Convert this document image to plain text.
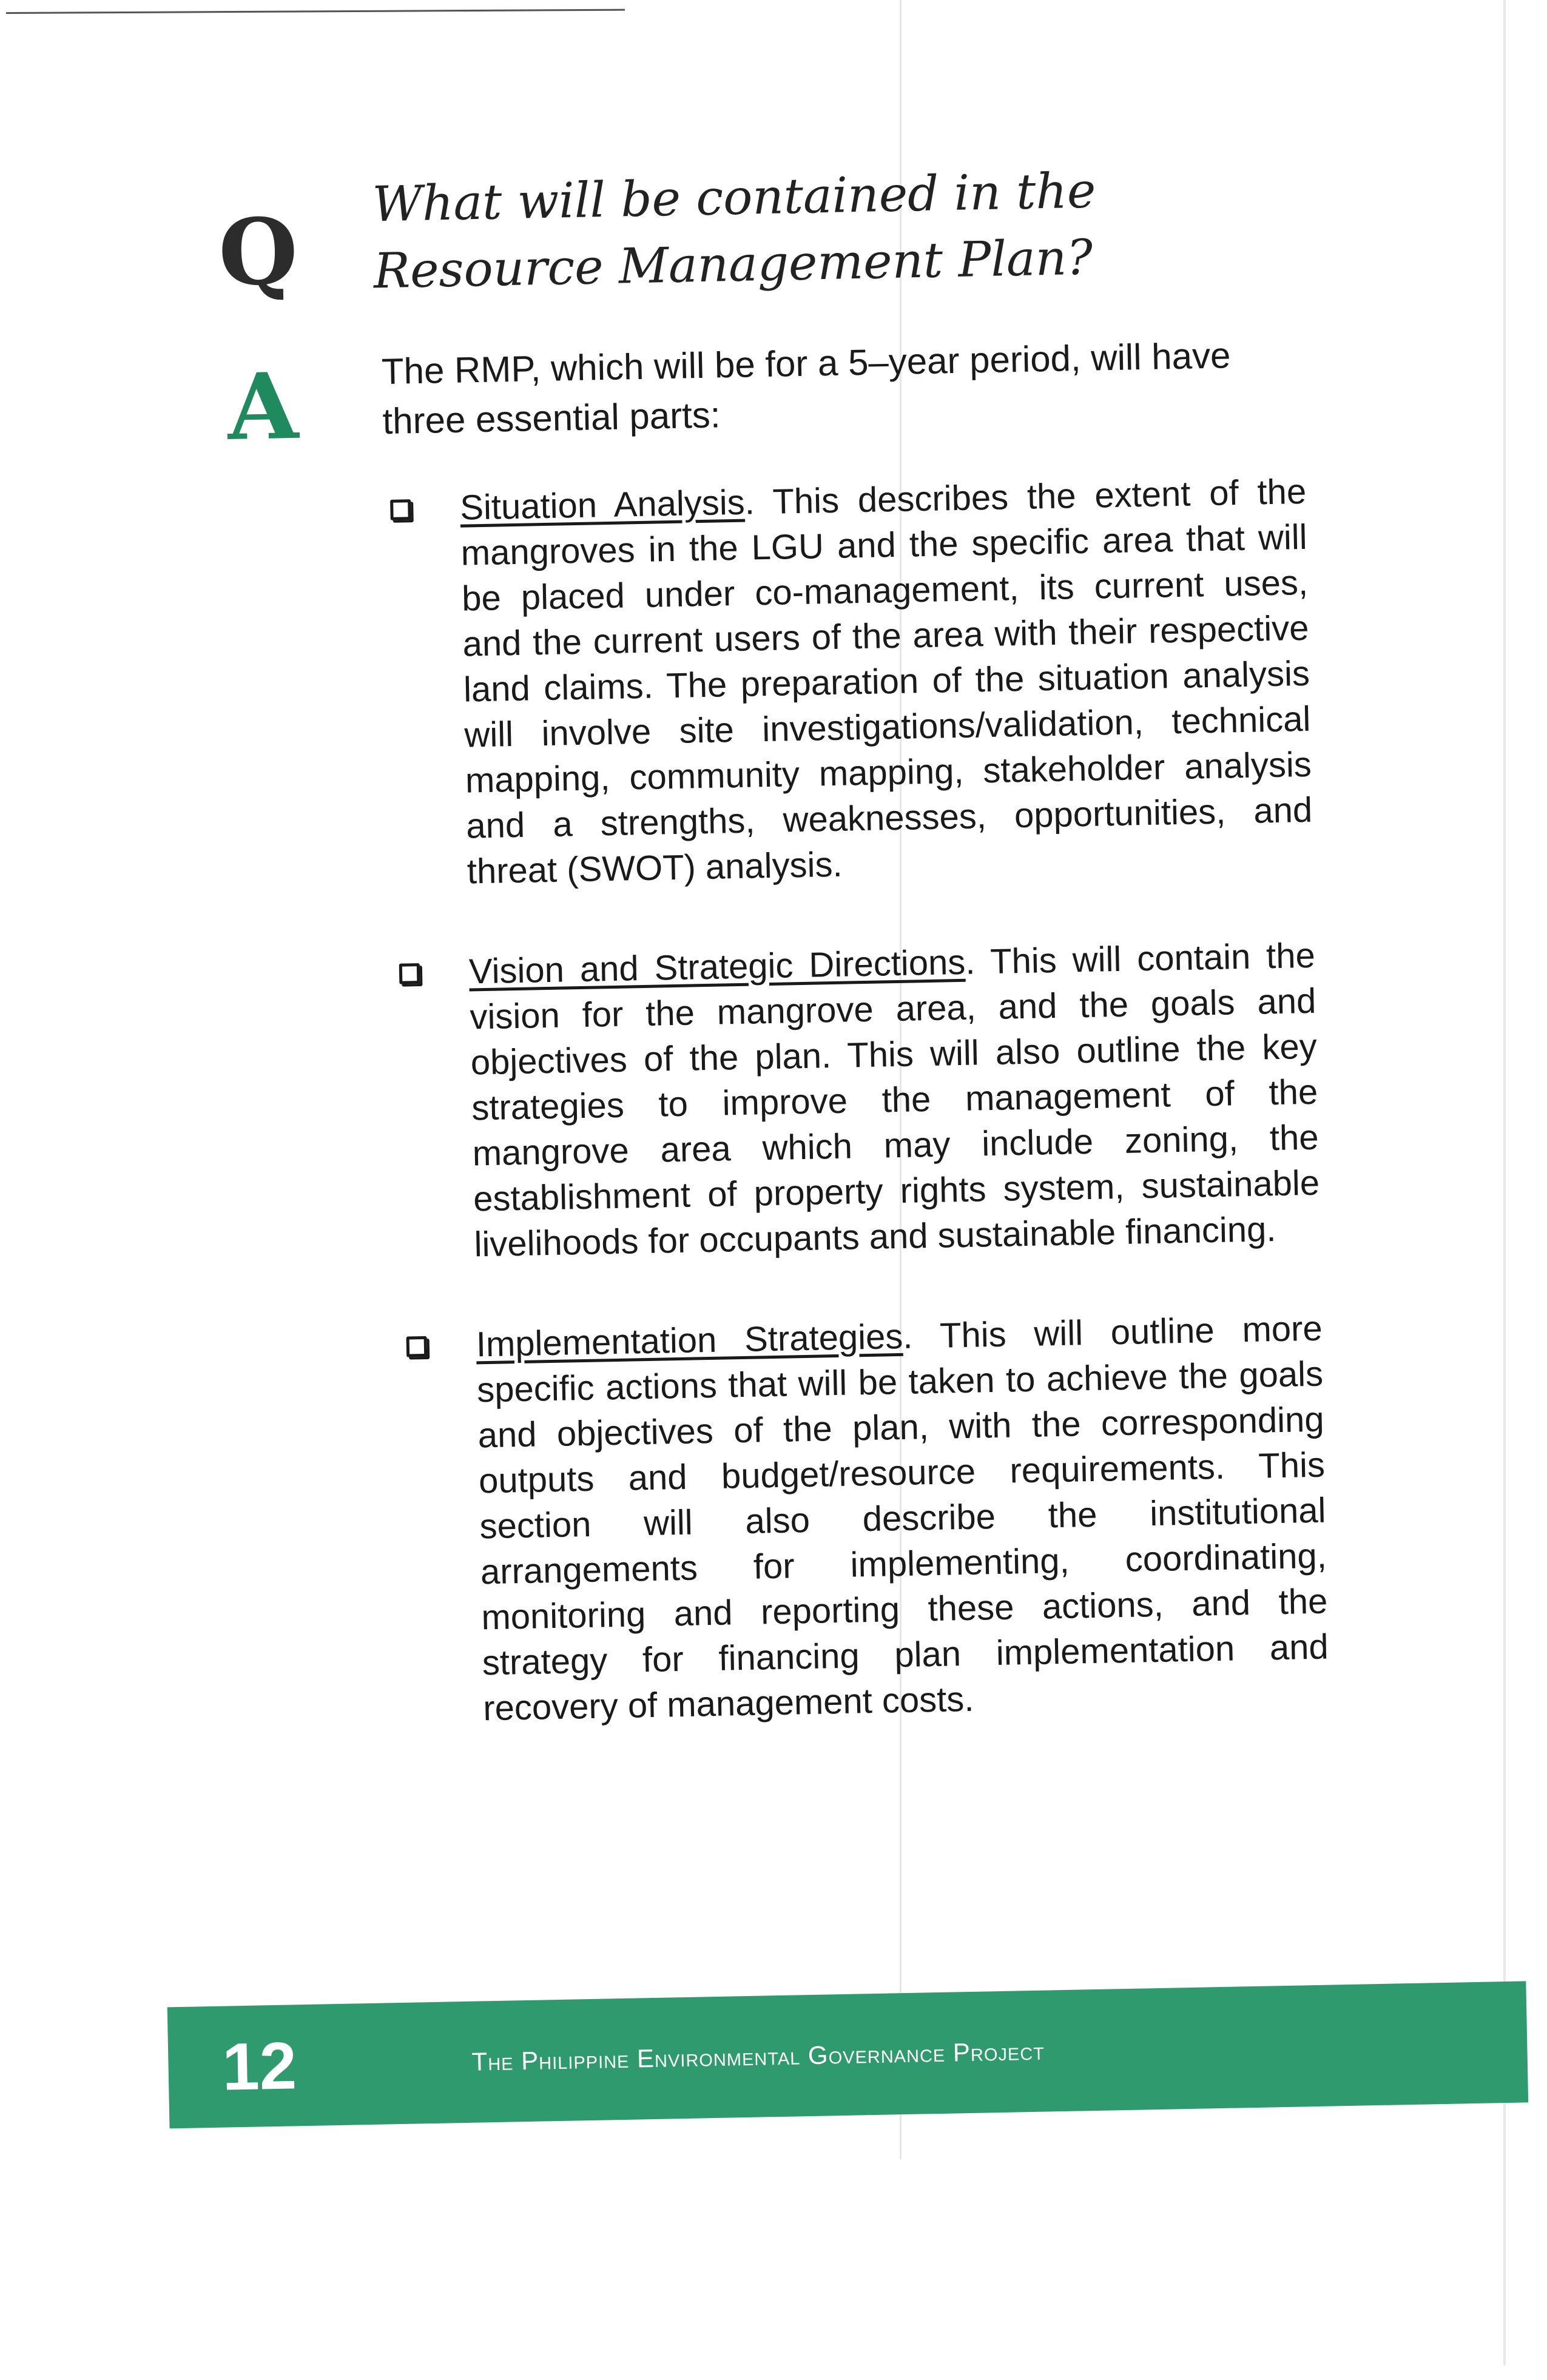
Q
What will be contained in the Resource Management Plan?
A The RMP, which will be for a 5–year period, will have three essential parts:
Situation Analysis. This describes the extent of the mangroves in the LGU and the specific area that will be placed under co-management, its current uses, and the current users of the area with their respective land claims. The preparation of the situation analysis will involve site investigations/validation, technical mapping, community mapping, stakeholder analysis and a strengths, weaknesses, opportunities, and threat (SWOT) analysis.
Vision and Strategic Directions. This will contain the vision for the mangrove area, and the goals and objectives of the plan. This will also outline the key strategies to improve the management of the mangrove area which may include zoning, the establishment of property rights system, sustainable livelihoods for occupants and sustainable financing.
Implementation Strategies. This will outline more specific actions that will be taken to achieve the goals and objectives of the plan, with the corresponding outputs and budget/resource requirements. This section will also describe the institutional arrangements for implementing, coordinating, monitoring and reporting these actions, and the strategy for financing plan implementation and recovery of management costs.
12	The Philippine Environmental Governance Project
